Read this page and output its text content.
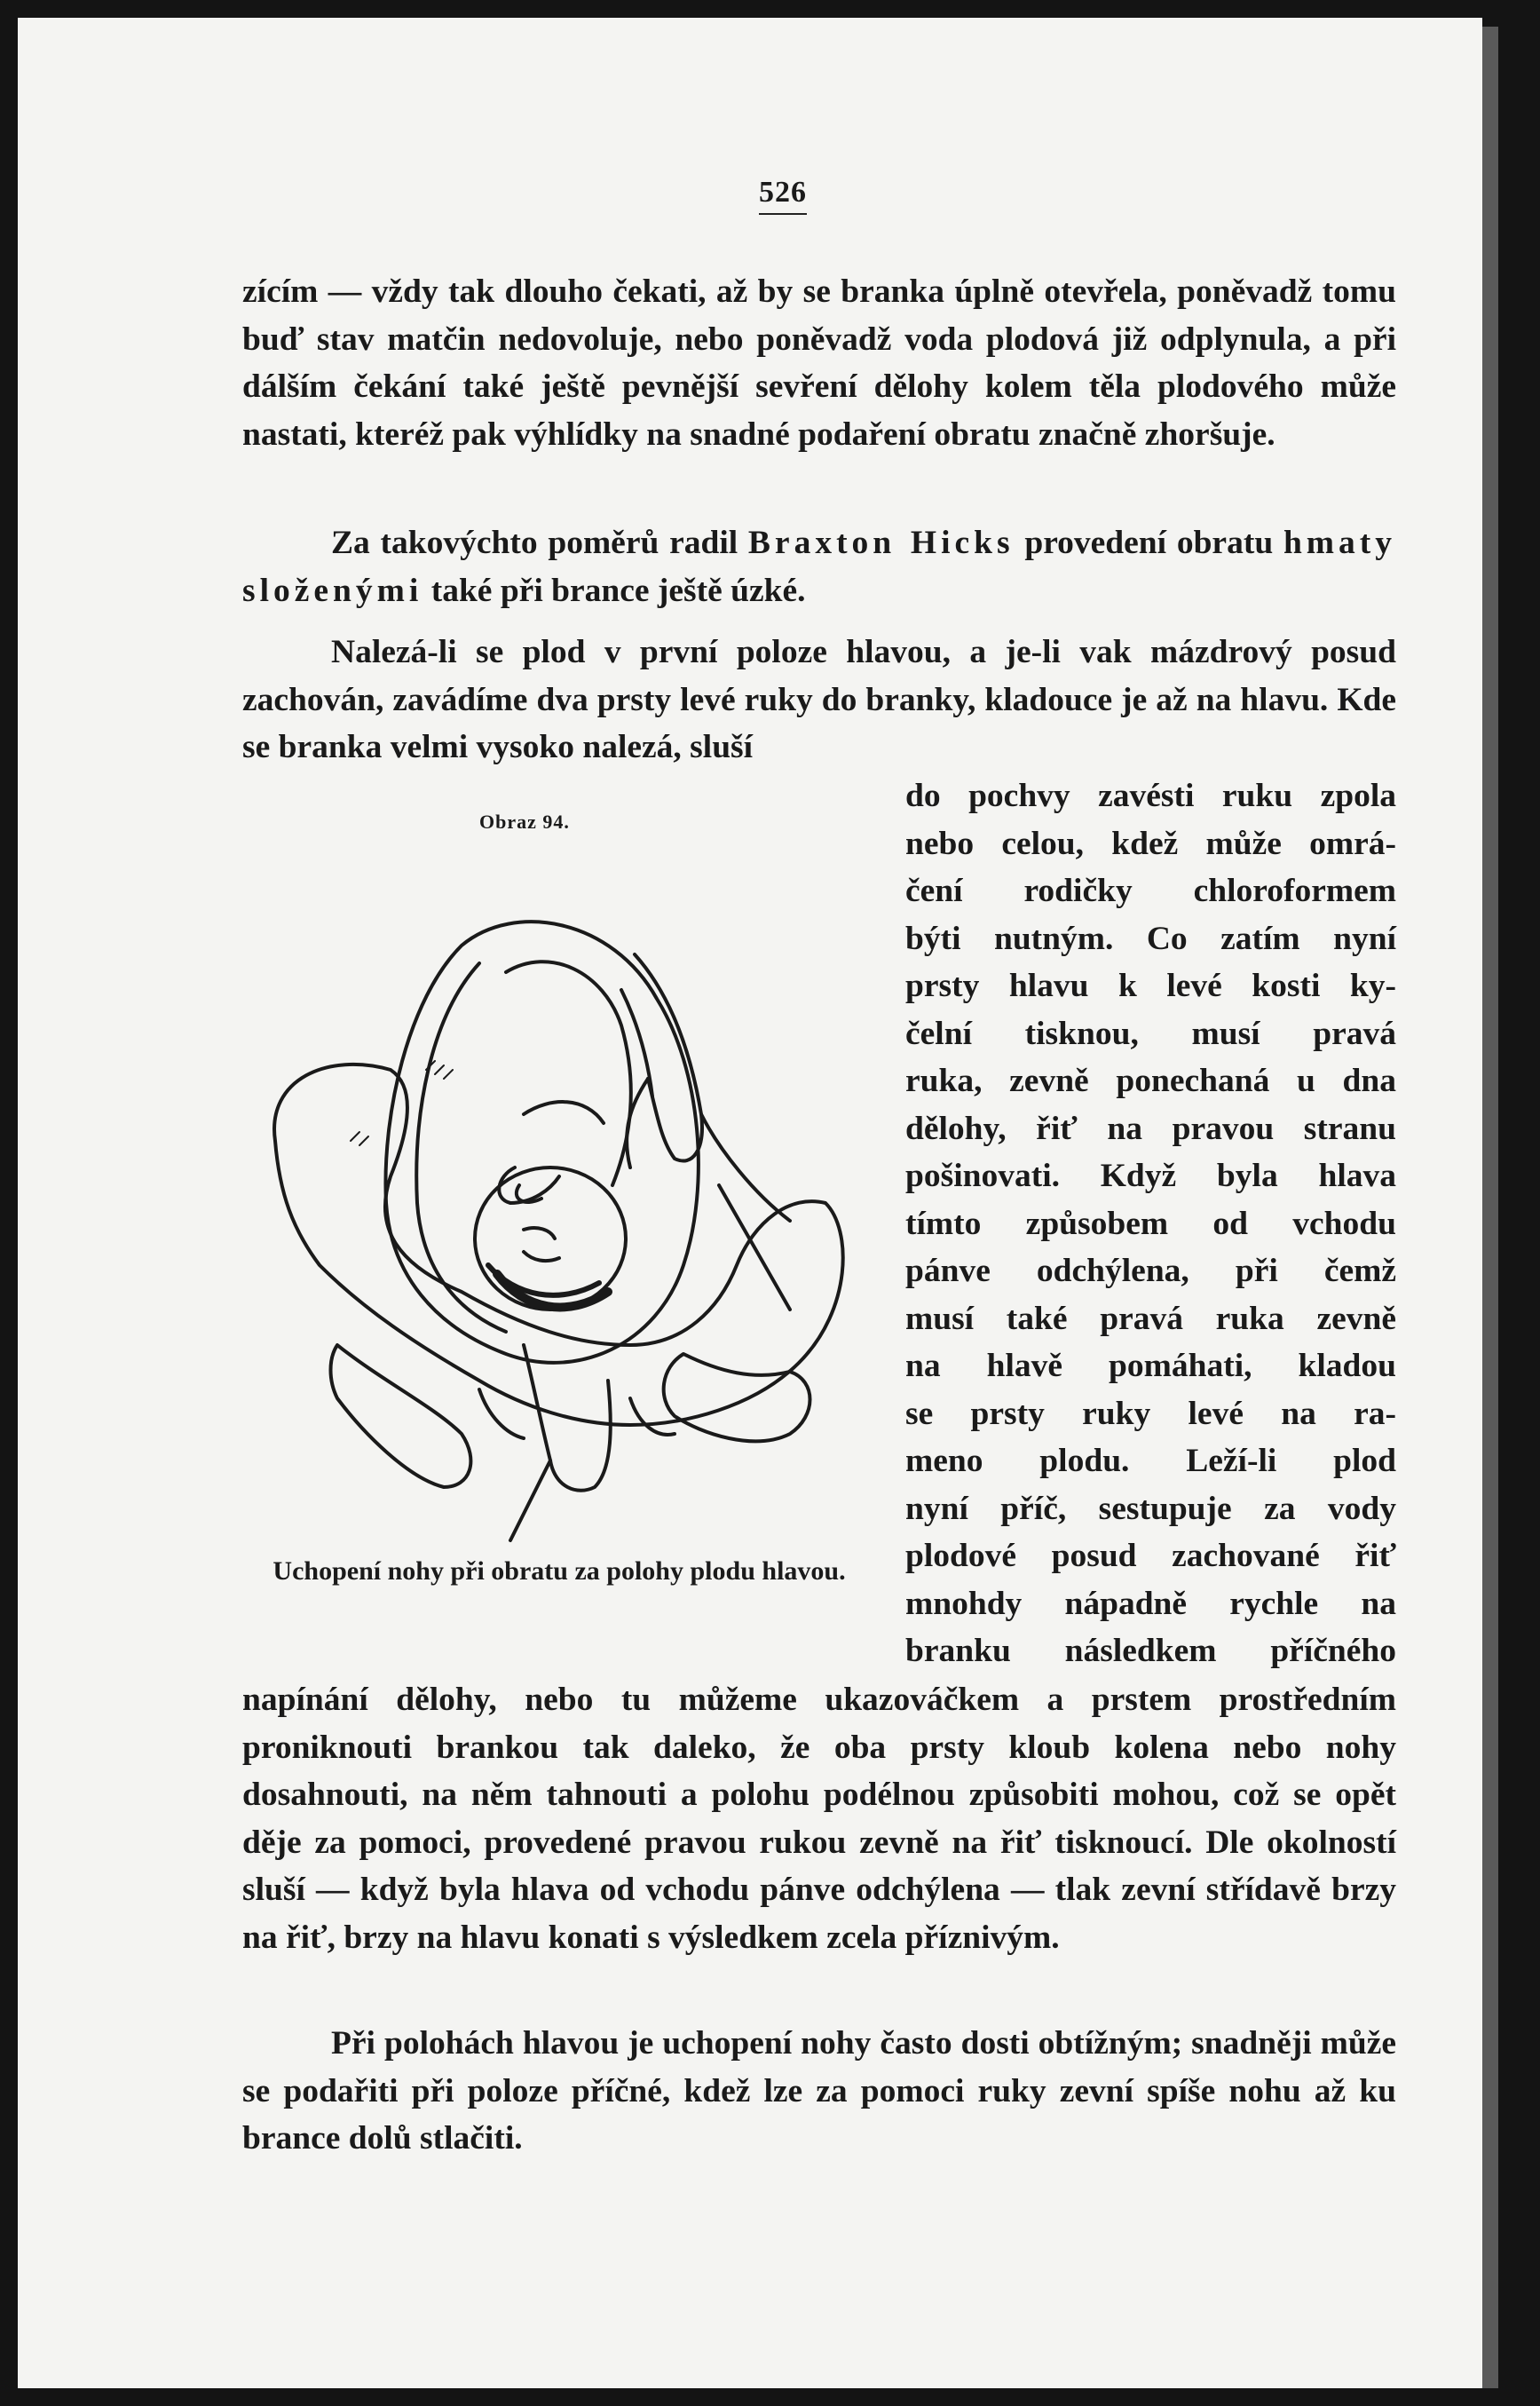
526

zícím — vždy tak dlouho čekati, až by se branka úplně otevřela, poněvadž tomu buď stav matčin nedovoluje, nebo poněvadž voda plodová již odplynula, a při dálším čekání také ještě pevnější sevření dělohy kolem těla plodového může nastati, kteréž pak výhlídky na snadné podaření obratu značně zhoršuje.

Za takovýchto poměrů radil Braxton Hicks provedení obratu hmaty složenými také při brance ještě úzké.

Nalezá-li se plod v první poloze hlavou, a je-li vak mázdrový posud zachován, zavádíme dva prsty levé ruky do branky, kladouce je až na hlavu. Kde se branka velmi vysoko nalezá, sluší

do pochvy zavésti ruku zpola
nebo celou, kdež může omrá-
čení rodičky chloroformem
býti nutným. Co zatím nyní
prsty hlavu k levé kosti ky-
čelní tisknou, musí pravá
ruka, zevně ponechaná u dna
dělohy, řiť na pravou stranu
pošinovati. Když byla hlava
tímto způsobem od vchodu
pánve odchýlena, při čemž
musí také pravá ruka zevně
na hlavě pomáhati, kladou
se prsty ruky levé na ra-
meno plodu. Leží-li plod
nyní příč, sestupuje za vody
plodové posud zachované řiť
mnohdy nápadně rychle na
branku následkem příčného

napínání dělohy, nebo tu můžeme ukazováčkem a prstem prostředním proniknouti brankou tak daleko, že oba prsty kloub kolena nebo nohy dosahnouti, na něm tahnouti a polohu podélnou způsobiti mohou, což se opět děje za pomoci, provedené pravou rukou zevně na řiť tisknoucí. Dle okolností sluší — když byla hlava od vchodu pánve odchýlena — tlak zevní střídavě brzy na řiť, brzy na hlavu konati s výsledkem zcela příznivým.

Při polohách hlavou je uchopení nohy často dosti obtížným; snadněji může se podařiti při poloze příčné, kdež lze za pomoci ruky zevní spíše nohu až ku brance dolů stlačiti.

Obraz 94.
Uchopení nohy při obratu za polohy plodu hlavou.
